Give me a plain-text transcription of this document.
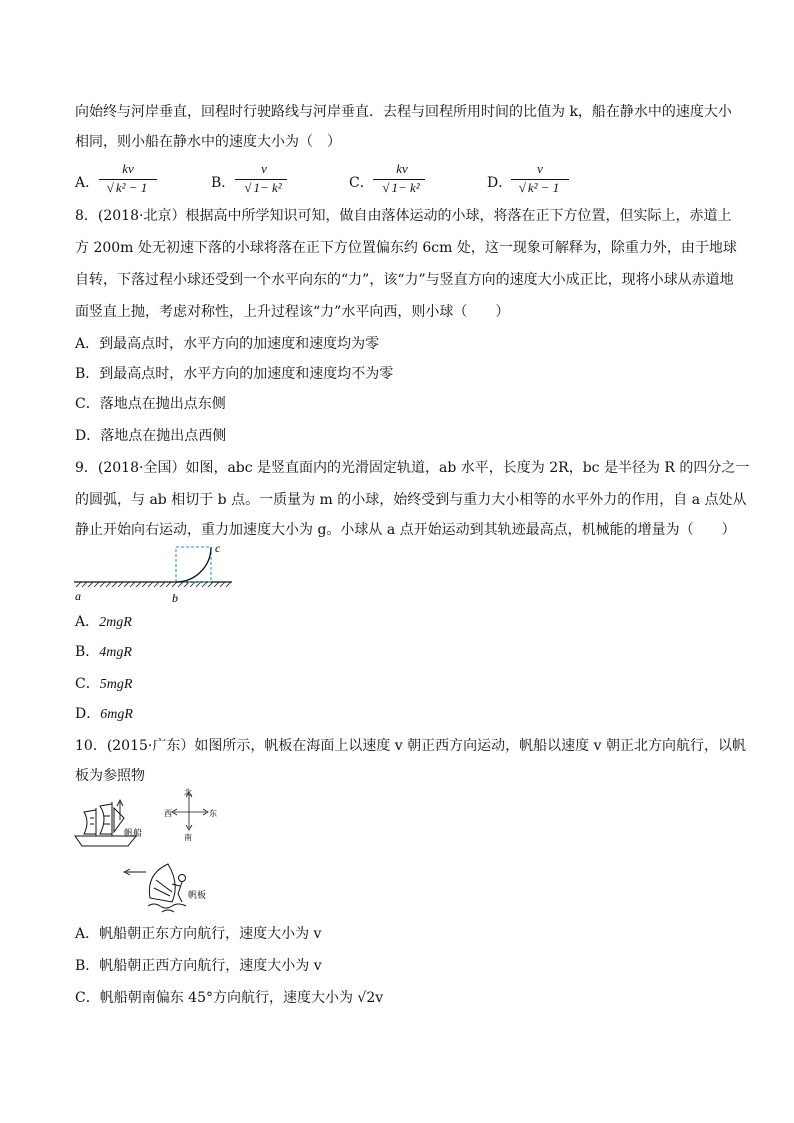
向始终与河岸垂直，回程时行驶路线与河岸垂直．去程与回程所用时间的比值为 k，船在静水中的速度大小
相同，则小船在静水中的速度大小为（　）
A．
kv
√ k² − 1	B．
v
√ 1− k²	C．
kv
√ 1− k²	D．
v
√ k² − 1
8．(2018·北京）根据高中所学知识可知，做自由落体运动的小球，将落在正下方位置，但实际上，赤道上
方 200m 处无初速下落的小球将落在正下方位置偏东约 6cm 处，这一现象可解释为，除重力外，由于地球
自转，下落过程小球还受到一个水平向东的“力”，该“力”与竖直方向的速度大小成正比，现将小球从赤道地
面竖直上抛，考虑对称性，上升过程该“力”水平向西，则小球（　　）
A．到最高点时，水平方向的加速度和速度均为零
B．到最高点时，水平方向的加速度和速度均不为零
C．落地点在抛出点东侧
D．落地点在抛出点西侧
9．(2018·全国）如图，abc 是竖直面内的光滑固定轨道，ab 水平，长度为 2R，bc 是半径为 R 的四分之一
的圆弧，与 ab 相切于 b 点。一质量为 m 的小球，始终受到与重力大小相等的水平外力的作用，自 a 点处从
静止开始向右运动，重力加速度大小为 g。小球从 a 点开始运动到其轨迹最高点，机械能的增量为（　　）
a	b
c
A．2mgR
B．4mgR
C．5mgR
D．6mgR
10．(2015·广东）如图所示，帆板在海面上以速度 v 朝正西方向运动，帆船以速度 v 朝正北方向航行，以帆
板为参照物
帆船
北
南
东
西
帆板
A．帆船朝正东方向航行，速度大小为 v
B．帆船朝正西方向航行，速度大小为 v
C．帆船朝南偏东 45°方向航行，速度大小为 √2v
